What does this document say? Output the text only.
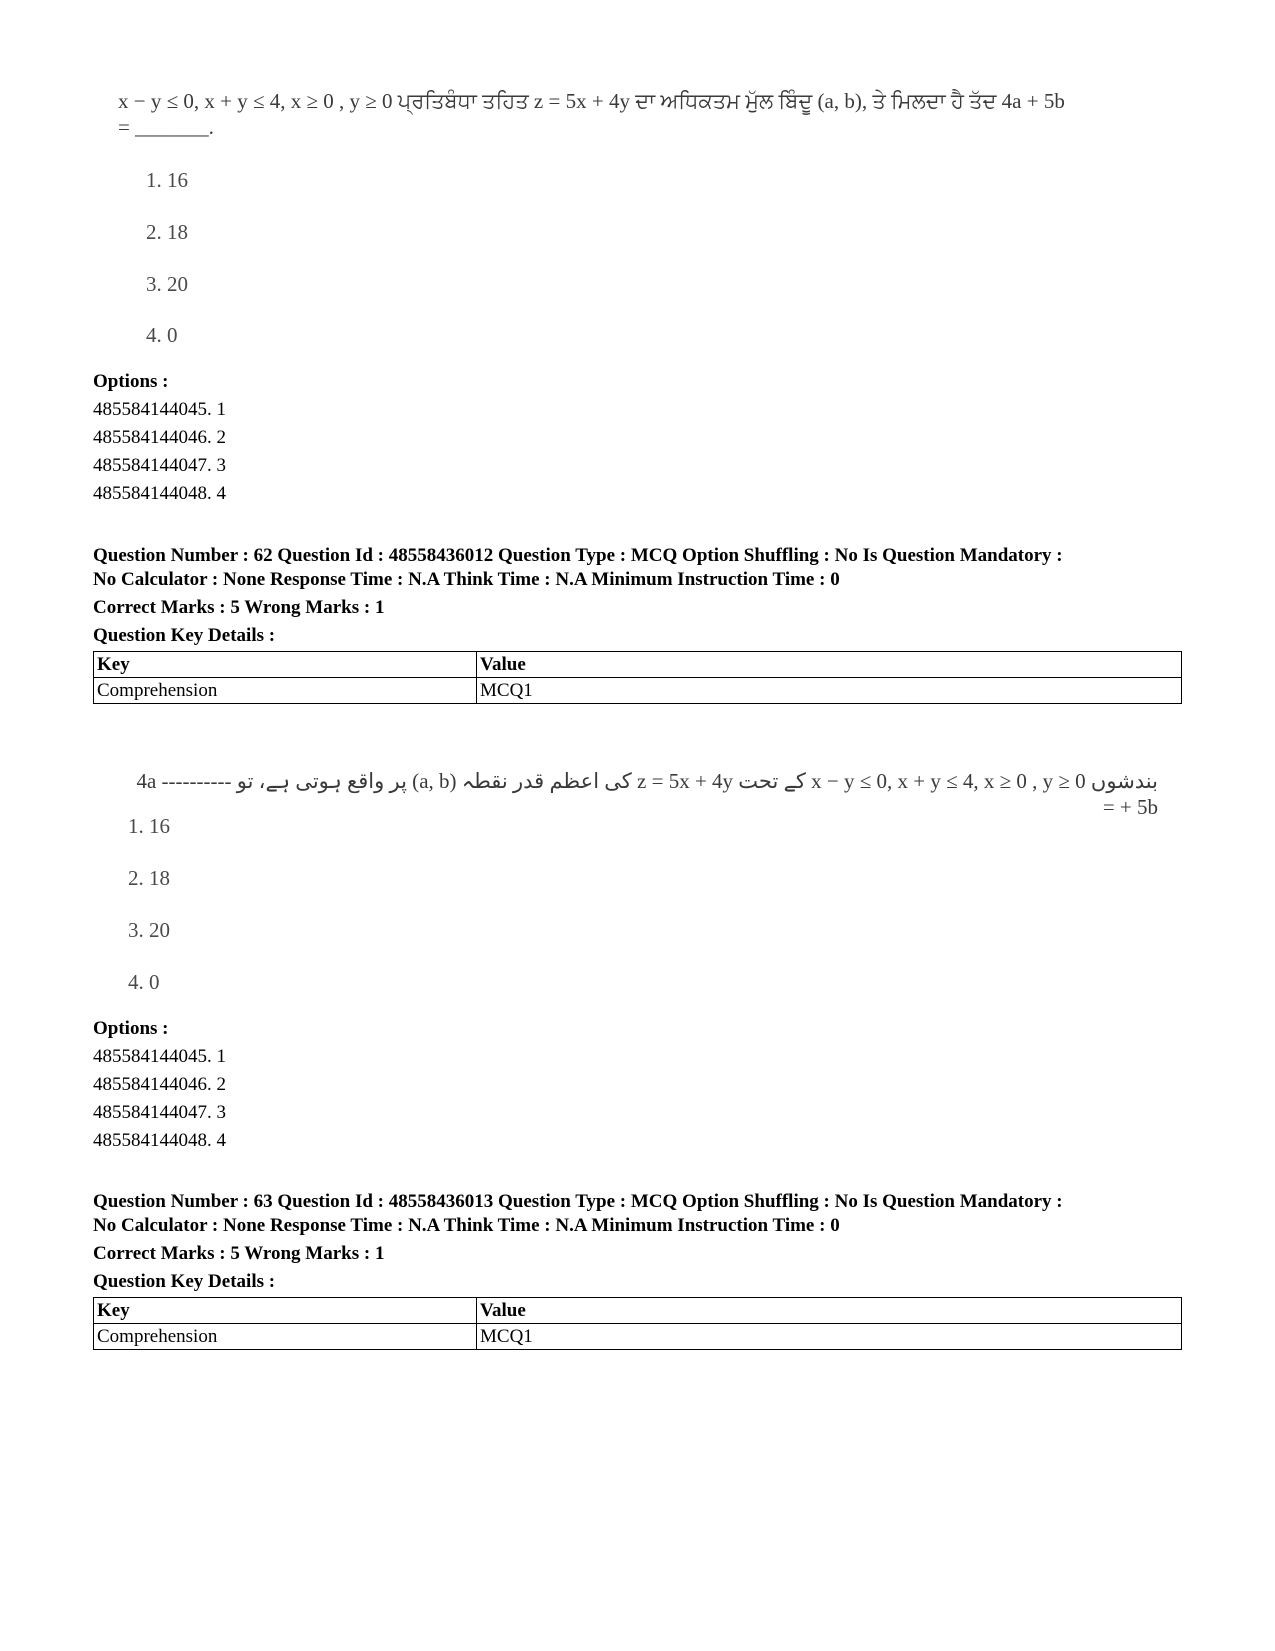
x − y ≤ 0, x + y ≤ 4, x ≥ 0 , y ≥ 0 ਪ੍ਰਤਿਬੰਧਾ ਤਹਿਤ z = 5x + 4y ਦਾ ਅਧਿਕਤਮ ਮੁੱਲ ਬਿੰਦੂ (a, b), ਤੇ ਮਿਲਦਾ ਹੈ ਤੱਦ 4a + 5b
= _______.
1. 16
2. 18
3. 20
4. 0
Options :
485584144045. 1
485584144046. 2
485584144047. 3
485584144048. 4
Question Number : 62 Question Id : 48558436012 Question Type : MCQ Option Shuffling : No Is Question Mandatory :
No Calculator : None Response Time : N.A Think Time : N.A Minimum Instruction Time : 0
Correct Marks : 5 Wrong Marks : 1
Question Key Details :
Key	Value
Comprehension	MCQ1
بندشوں x − y ≤ 0, x + y ≤ 4, x ≥ 0 , y ≥ 0 کے تحت z = 5x + 4y کی اعظم قدر نقطہ (a, b) پر واقع ہوتی ہے، تو ---------- 4a
= + 5b
1. 16
2. 18
3. 20
4. 0
Options :
485584144045. 1
485584144046. 2
485584144047. 3
485584144048. 4
Question Number : 63 Question Id : 48558436013 Question Type : MCQ Option Shuffling : No Is Question Mandatory :
No Calculator : None Response Time : N.A Think Time : N.A Minimum Instruction Time : 0
Correct Marks : 5 Wrong Marks : 1
Question Key Details :
Key	Value
Comprehension	MCQ1
